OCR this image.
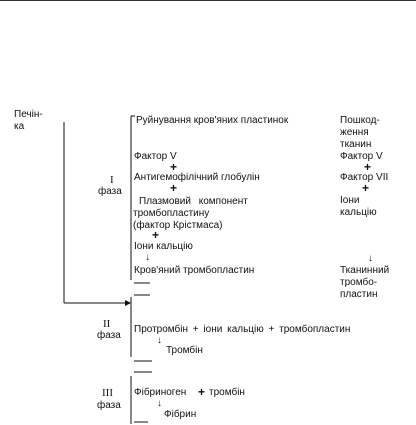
Печін-
ка
I
фаза
Руйнування кров'яних пластинок
Фактор V
+
Антигемофілічний глобулін
+
Плазмовий компонент
тромбопластину
(фактор Крістмаса)
+
Іони кальцію
↓
Кров'яний тромбопластин
Пошкод-
ження
тканин
Фактор V
+
Фактор VII
+
Іони
кальцію
↓
Тканинний
тромбо-
пластин
II
фаза
Протромбін + іони кальцію + тромбопластин
↓
Тромбін
III
фаза
Фібриноген + тромбін
↓
Фібрин
